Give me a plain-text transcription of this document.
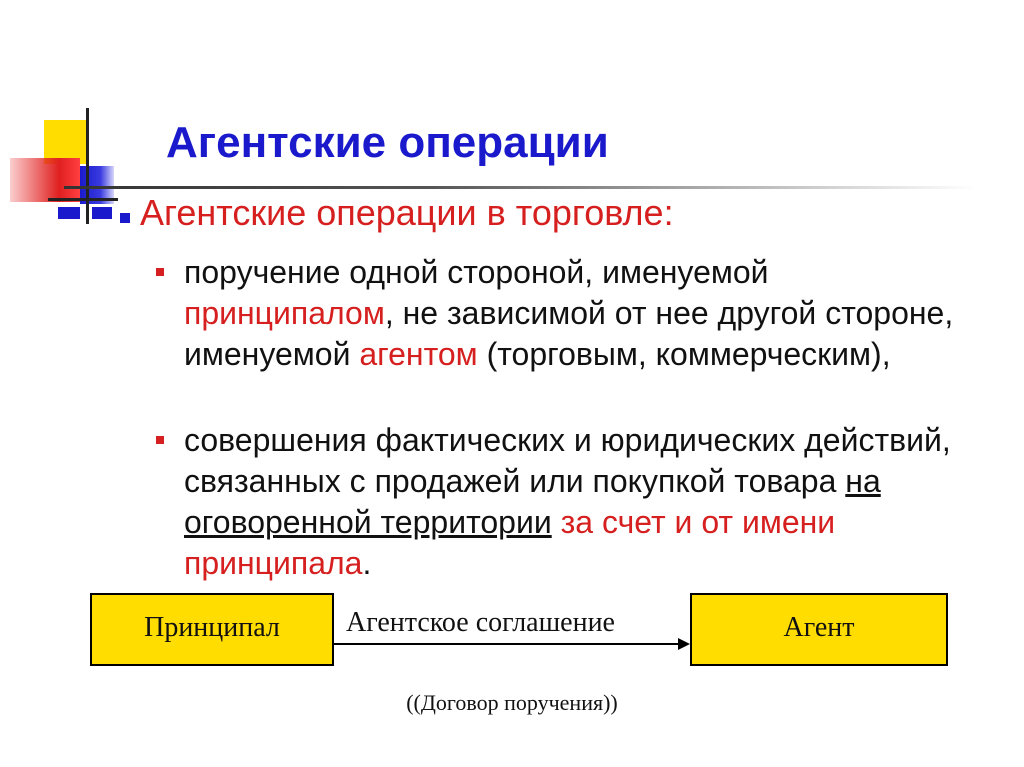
Агентские операции
Агентские операции в торговле:
поручение одной стороной, именуемой принципалом, не зависимой от нее другой стороне, именуемой агентом (торговым, коммерческим),
совершения фактических и юридических действий, связанных с продажей или покупкой товара на оговоренной территории за счет и от имени принципала.
Принципал	Агентское соглашение	Агент
((Договор поручения))
